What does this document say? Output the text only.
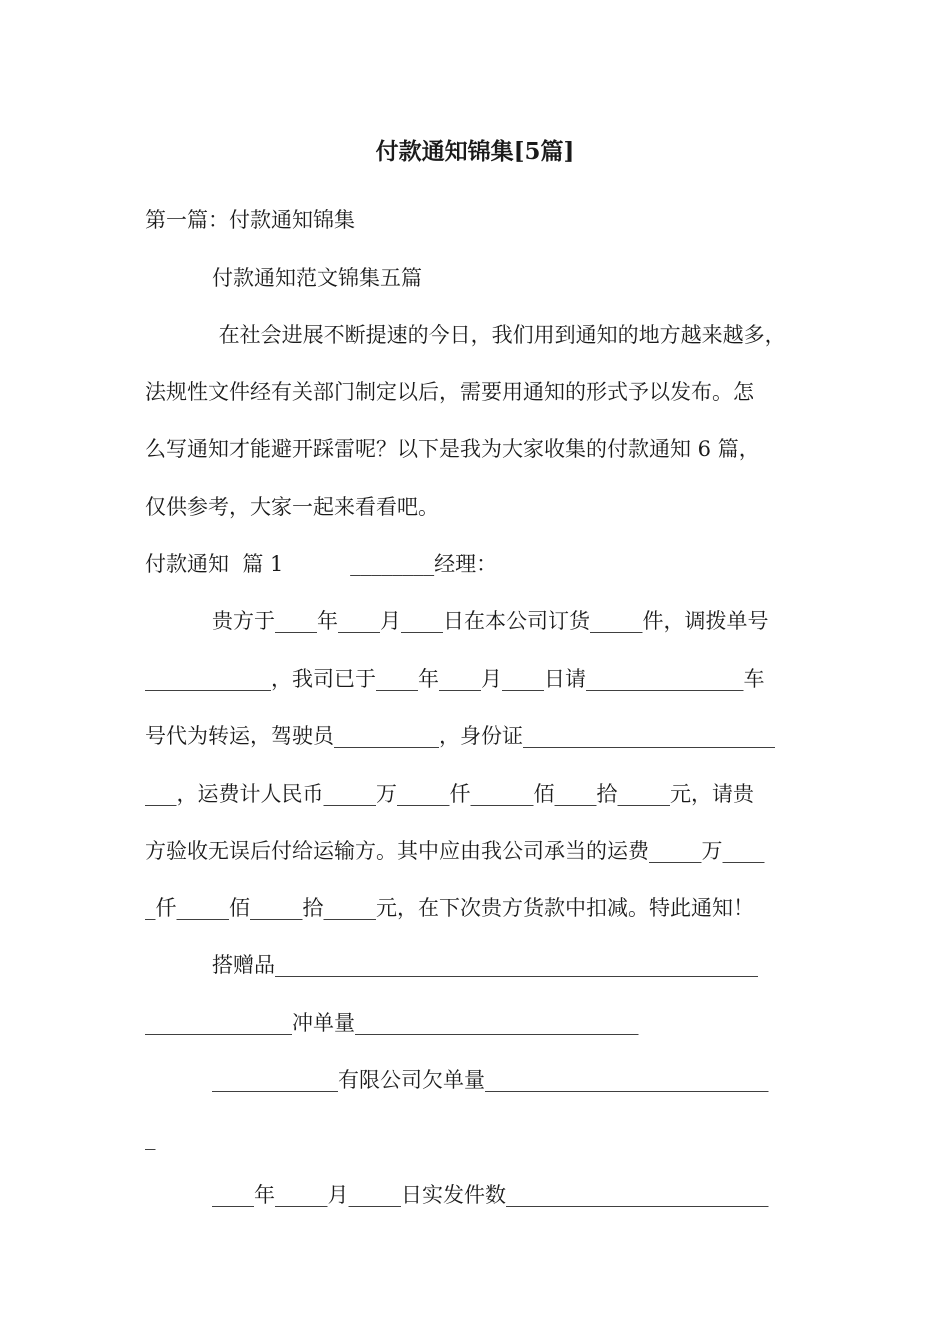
付款通知锦集[5篇]
第一篇：付款通知锦集
付款通知范文锦集五篇
在社会进展不断提速的今日，我们用到通知的地方越来越多，
法规性文件经有关部门制定以后，需要用通知的形式予以发布。怎
么写通知才能避开踩雷呢？以下是我为大家收集的付款通知 6 篇，
仅供参考，大家一起来看看吧。
付款通知  篇 1          ________经理：
贵方于____年____月____日在本公司订货_____件，调拨单号
____________，我司已于____年____月____日请_______________车
号代为转运，驾驶员__________，身份证________________________
___，运费计人民币_____万_____仟______佰____拾_____元，请贵
方验收无误后付给运输方。其中应由我公司承当的运费_____万____
_仟_____佰_____拾_____元，在下次贵方货款中扣减。特此通知！
搭赠品______________________________________________
______________冲单量___________________________
____________有限公司欠单量___________________________
_
____年_____月_____日实发件数_________________________
